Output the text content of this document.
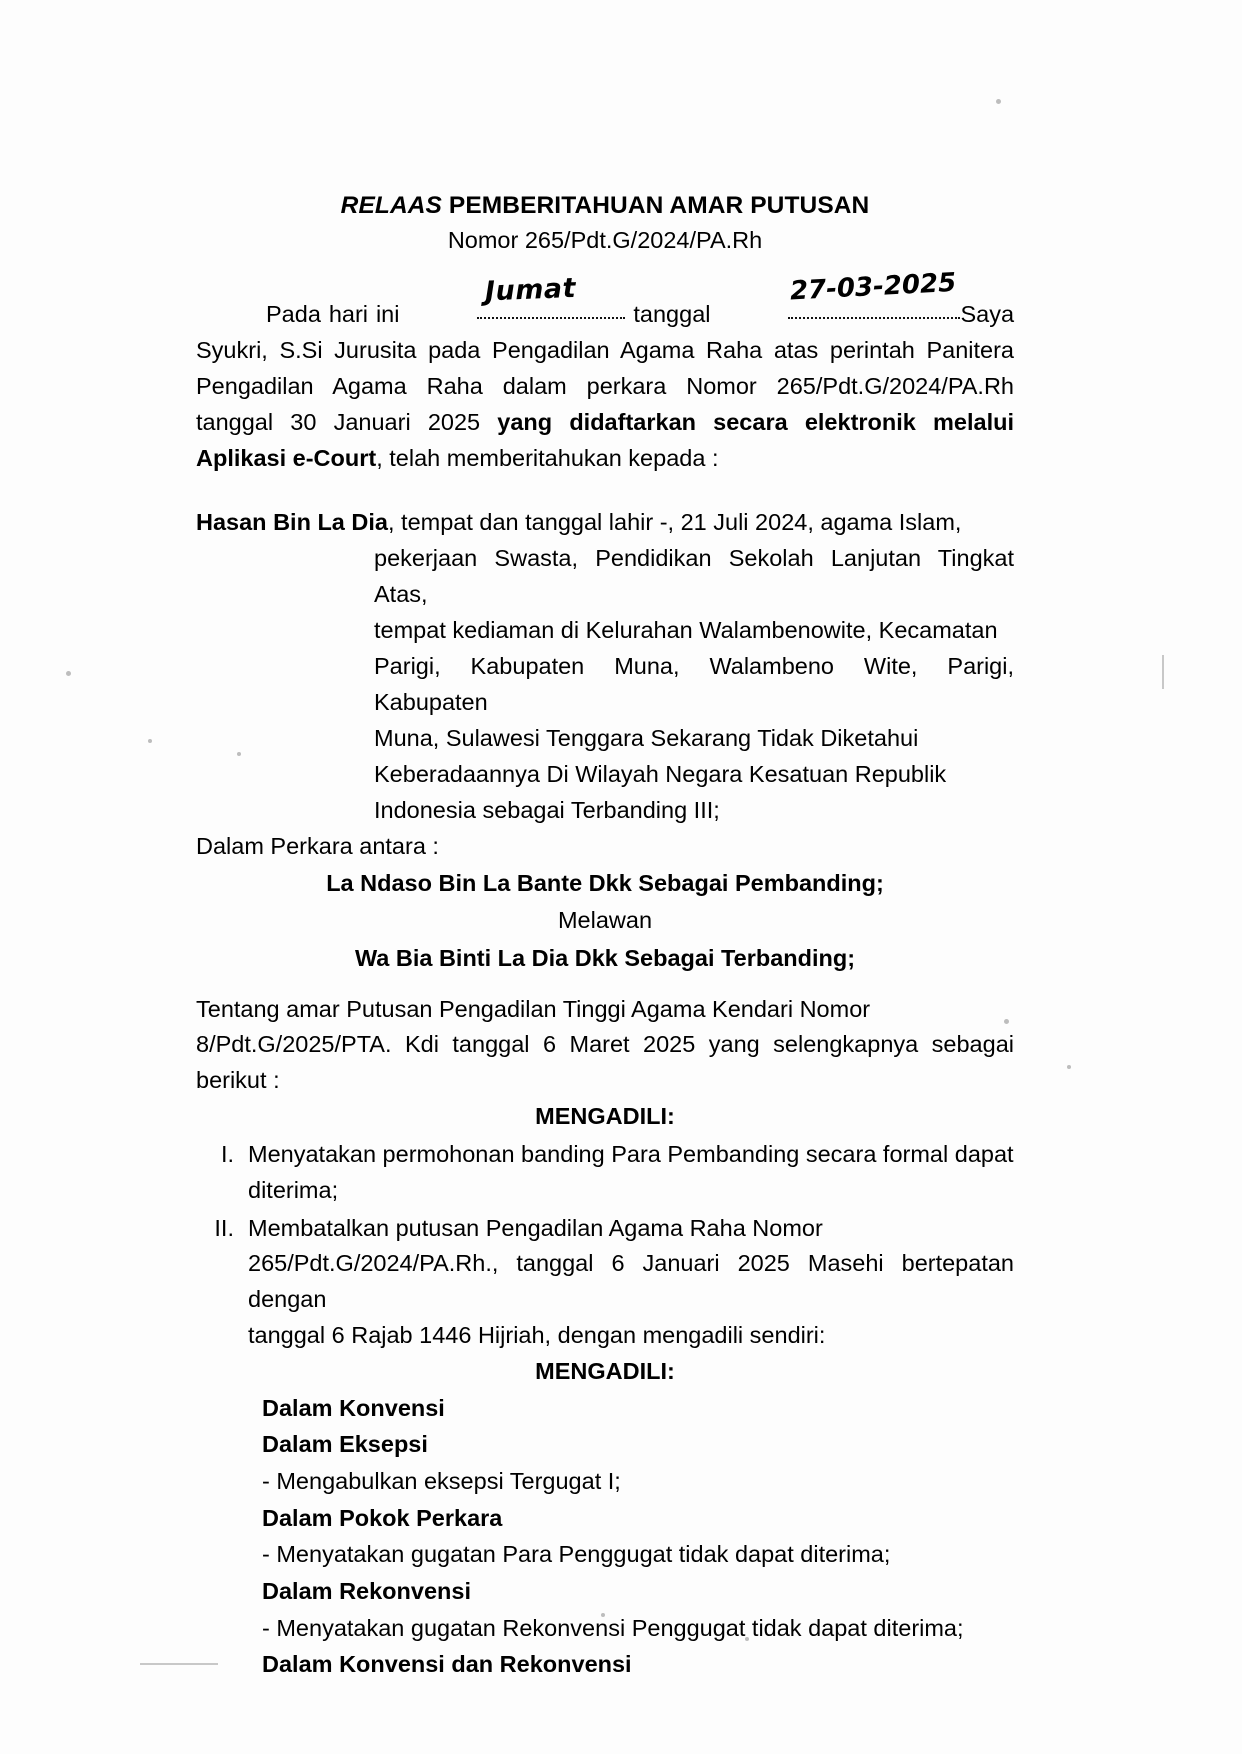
RELAAS PEMBERITAHUAN AMAR PUTUSAN
Nomor 265/Pdt.G/2024/PA.Rh
Pada hari ini
Jumat
tanggal
27-03-2025
Saya Syukri, S.Si Jurusita pada Pengadilan Agama Raha atas perintah Panitera Pengadilan Agama Raha dalam perkara Nomor 265/Pdt.G/2024/PA.Rh tanggal 30 Januari 2025 yang didaftarkan secara elektronik melalui Aplikasi e-Court, telah memberitahukan kepada :
Hasan Bin La Dia, tempat dan tanggal lahir -, 21 Juli 2024, agama Islam,
pekerjaan Swasta, Pendidikan Sekolah Lanjutan Tingkat Atas,
tempat kediaman di Kelurahan Walambenowite, Kecamatan
Parigi, Kabupaten Muna, Walambeno Wite, Parigi, Kabupaten
Muna, Sulawesi Tenggara Sekarang Tidak Diketahui
Keberadaannya Di Wilayah Negara Kesatuan Republik
Indonesia sebagai Terbanding III;
Dalam Perkara antara :
La Ndaso Bin La Bante Dkk Sebagai Pembanding;
Melawan
Wa Bia Binti La Dia Dkk Sebagai Terbanding;
Tentang amar Putusan Pengadilan Tinggi Agama Kendari Nomor
8/Pdt.G/2025/PTA. Kdi tanggal 6 Maret 2025 yang selengkapnya sebagai berikut :
MENGADILI:
I. Menyatakan permohonan banding Para Pembanding secara formal dapat
diterima;
II. Membatalkan putusan Pengadilan Agama Raha Nomor
265/Pdt.G/2024/PA.Rh., tanggal 6 Januari 2025 Masehi bertepatan dengan
tanggal 6 Rajab 1446 Hijriah, dengan mengadili sendiri:
MENGADILI:
Dalam Konvensi
Dalam Eksepsi
- Mengabulkan eksepsi Tergugat I;
Dalam Pokok Perkara
- Menyatakan gugatan Para Penggugat tidak dapat diterima;
Dalam Rekonvensi
- Menyatakan gugatan Rekonvensi Penggugat tidak dapat diterima;
Dalam Konvensi dan Rekonvensi
